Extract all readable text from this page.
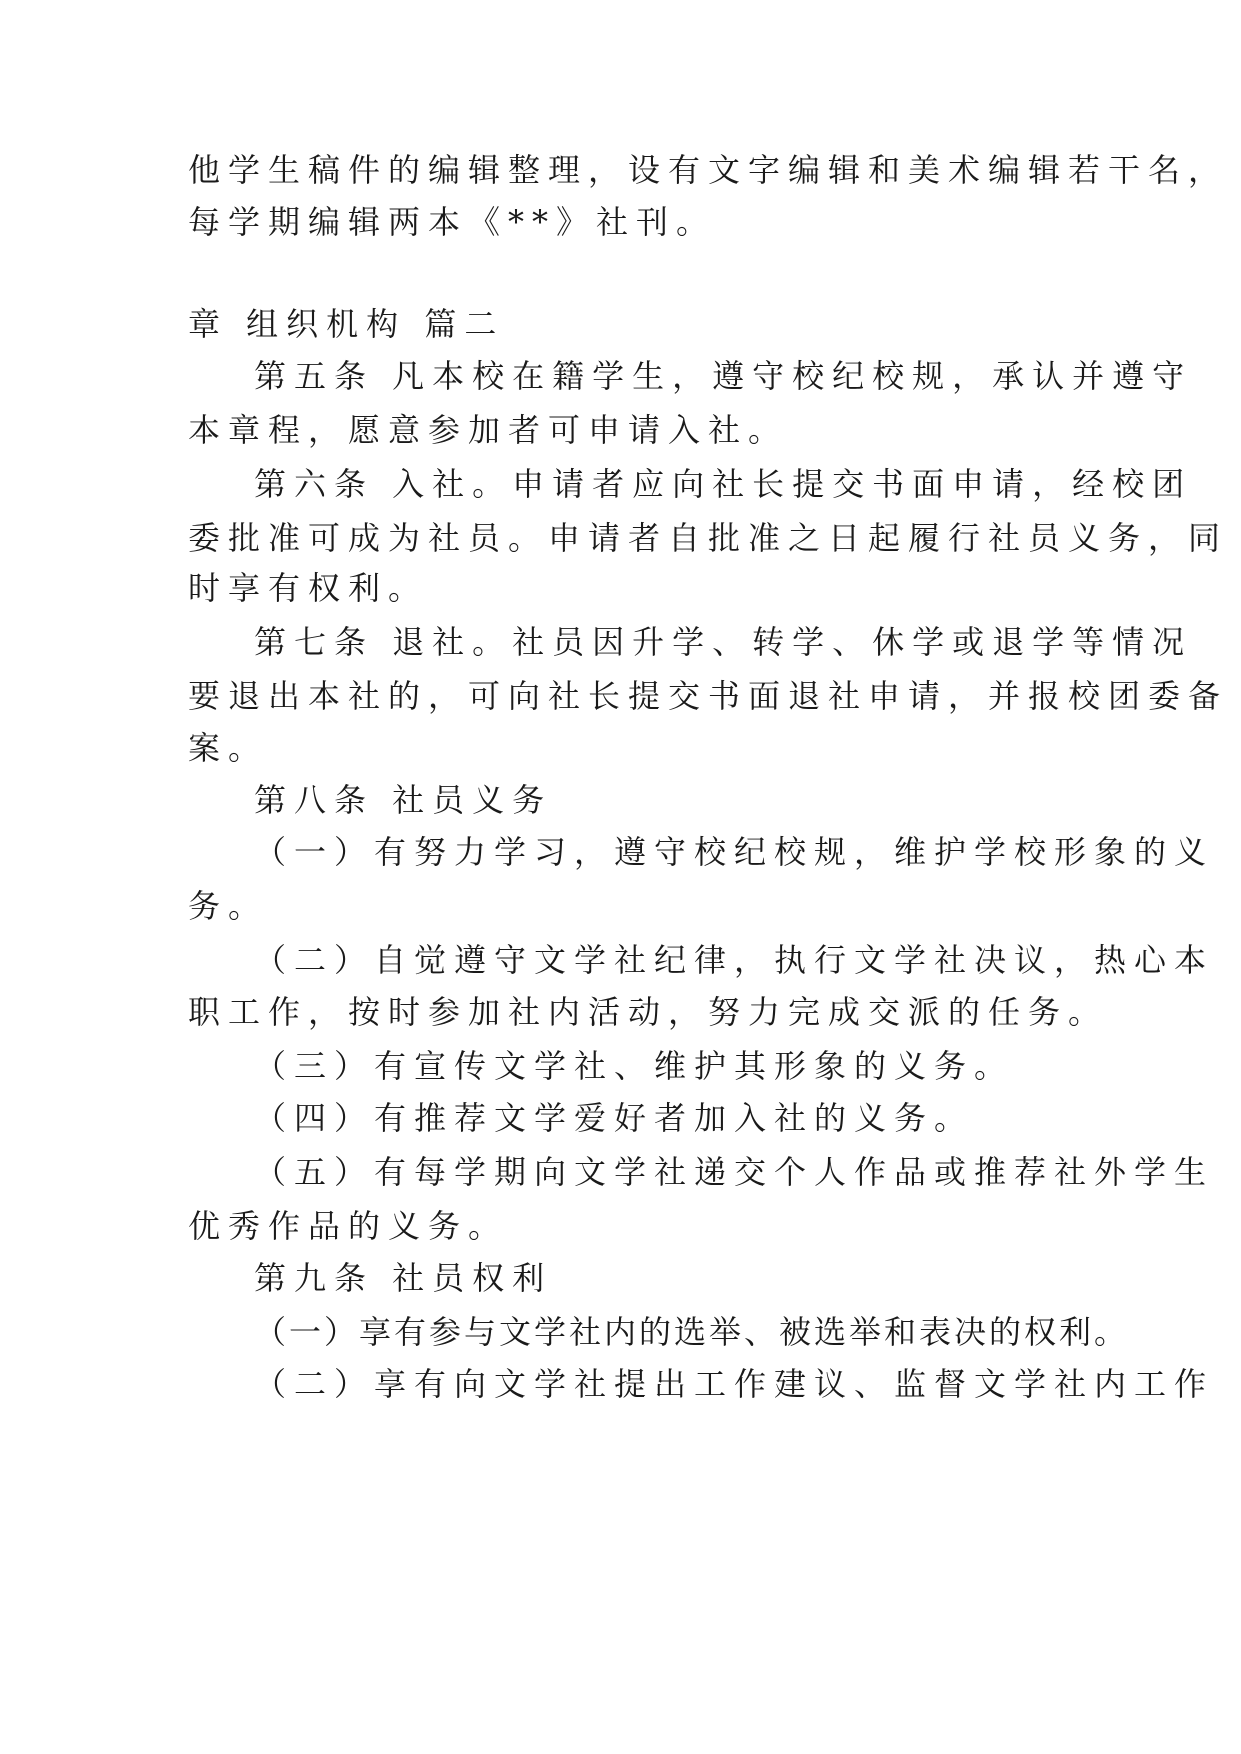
他学生稿件的编辑整理，设有文字编辑和美术编辑若干名，
每学期编辑两本《**》社刊。
章 组织机构 篇二
第五条 凡本校在籍学生，遵守校纪校规，承认并遵守
本章程，愿意参加者可申请入社。
第六条 入社。申请者应向社长提交书面申请，经校团
委批准可成为社员。申请者自批准之日起履行社员义务，同
时享有权利。
第七条 退社。社员因升学、转学、休学或退学等情况
要退出本社的，可向社长提交书面退社申请，并报校团委备
案。
第八条 社员义务
（一）有努力学习，遵守校纪校规，维护学校形象的义
务。
（二）自觉遵守文学社纪律，执行文学社决议，热心本
职工作，按时参加社内活动，努力完成交派的任务。
（三）有宣传文学社、维护其形象的义务。
（四）有推荐文学爱好者加入社的义务。
（五）有每学期向文学社递交个人作品或推荐社外学生
优秀作品的义务。
第九条 社员权利
（一）享有参与文学社内的选举、被选举和表决的权利。
（二）享有向文学社提出工作建议、监督文学社内工作
